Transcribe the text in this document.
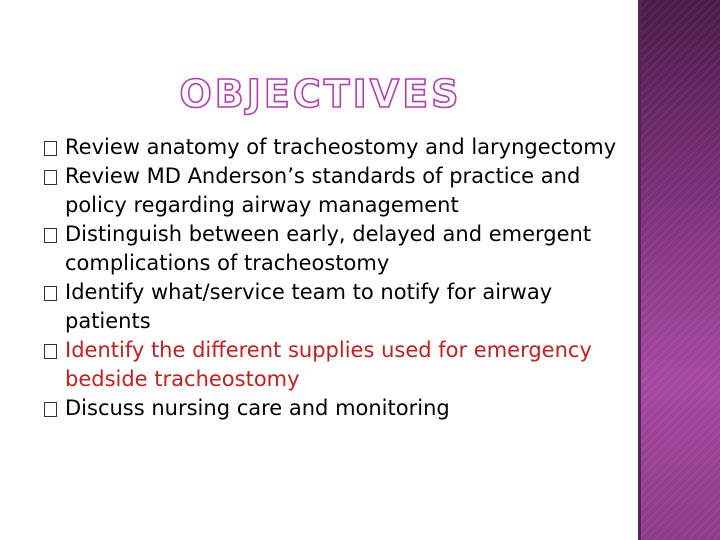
OBJECTIVES
Review anatomy of tracheostomy and laryngectomy
Review MD Anderson’s standards of practice and policy regarding airway management
Distinguish between early, delayed and emergent complications of tracheostomy
Identify what/service team to notify for airway patients
Identify the different supplies used for emergency bedside tracheostomy
Discuss nursing care and monitoring
